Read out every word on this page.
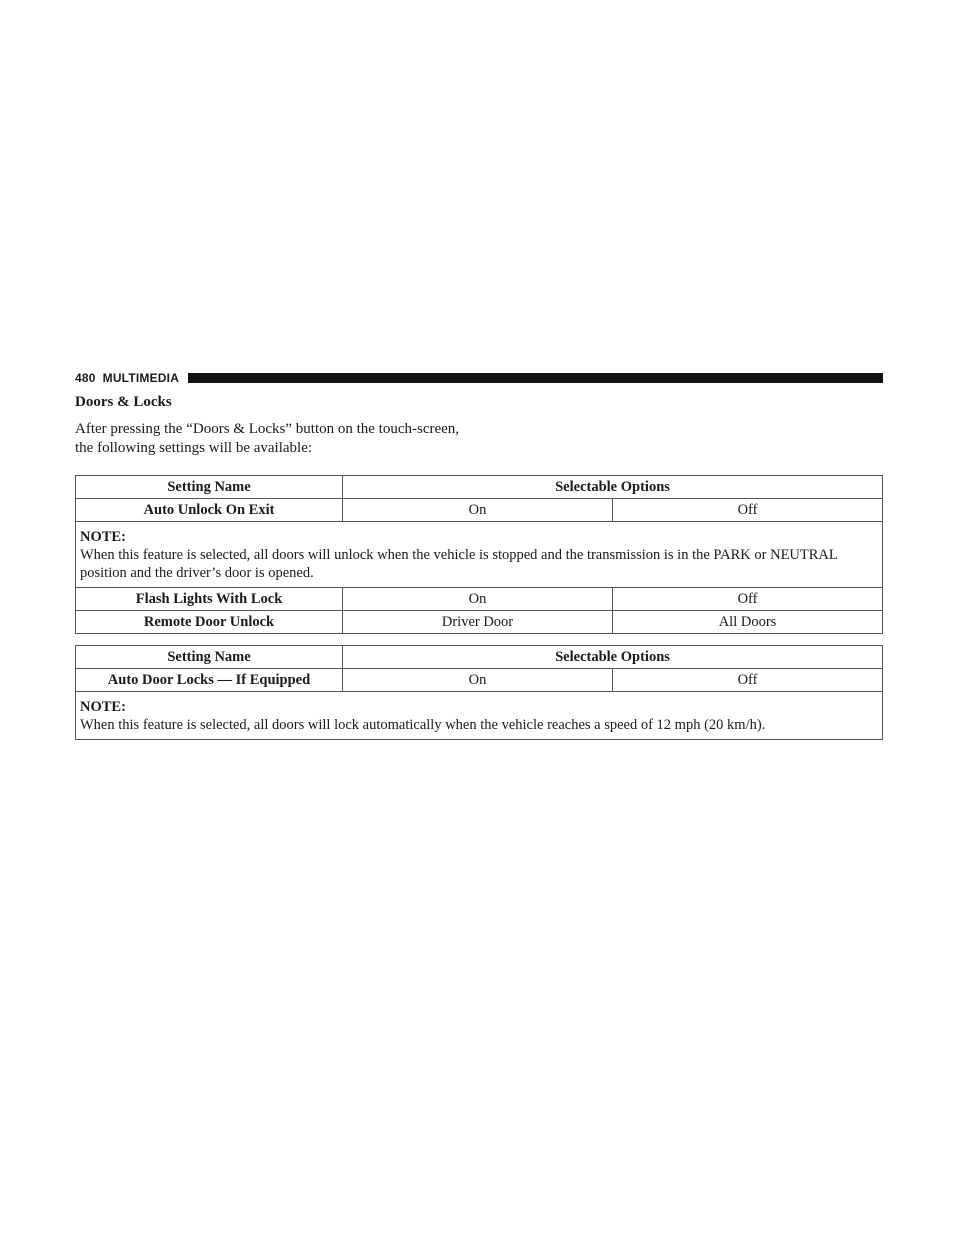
480 MULTIMEDIA
Doors & Locks
After pressing the “Doors & Locks” button on the touch-screen, the following settings will be available:
Setting Name	Selectable Options	
Auto Unlock On Exit	On	Off

NOTE:
When this feature is selected, all doors will unlock when the vehicle is stopped and the transmission is in the PARK or NEUTRAL position and the driver’s door is opened.		
Flash Lights With Lock	On	Off
Remote Door Unlock	Driver Door	All Doors
Setting Name	Selectable Options	
Auto Door Locks — If Equipped	On	Off

NOTE:
When this feature is selected, all doors will lock automatically when the vehicle reaches a speed of 12 mph (20 km/h).		
